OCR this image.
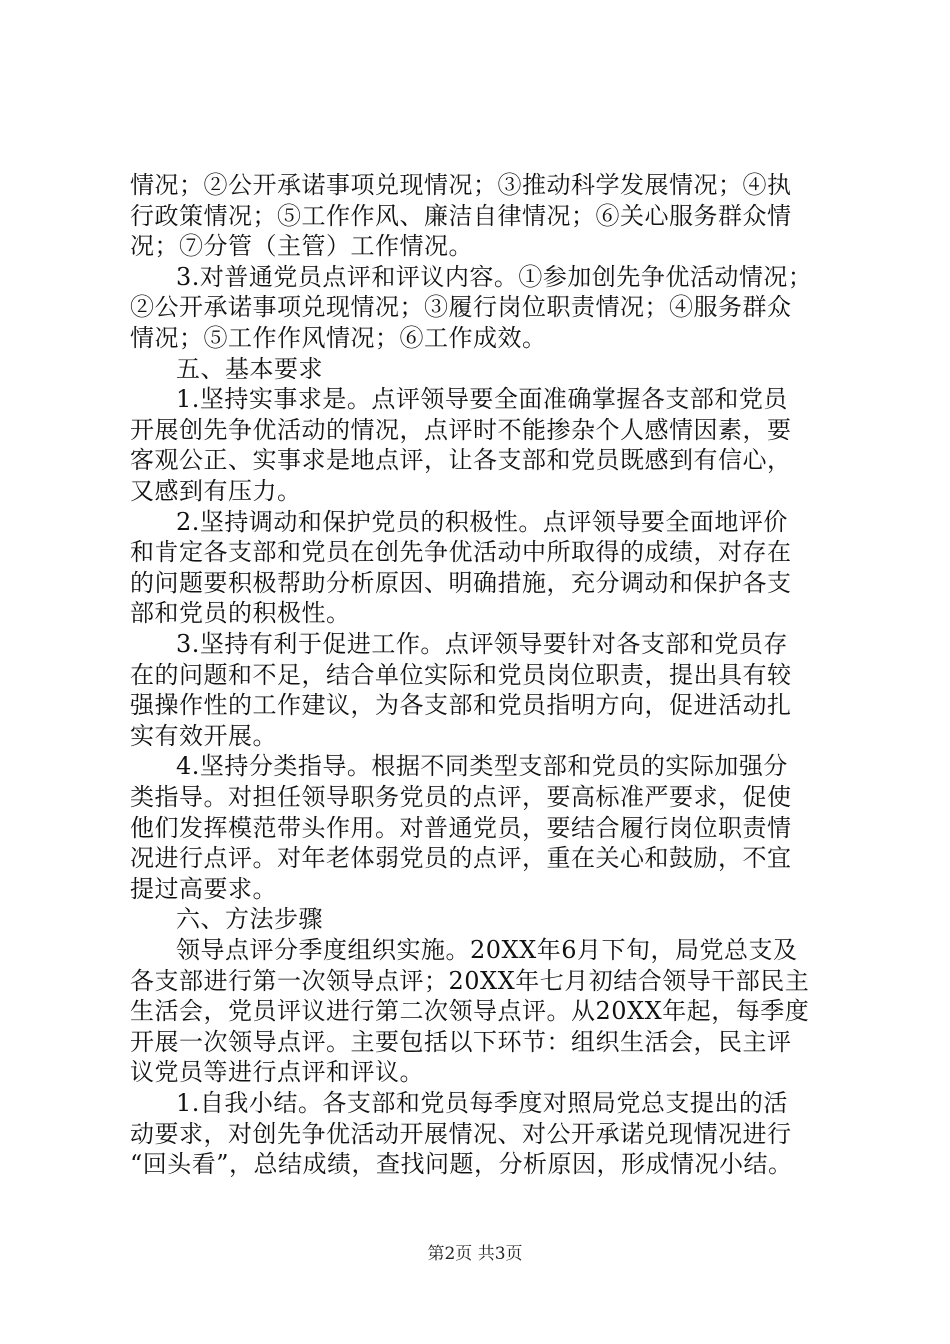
情况；②公开承诺事项兑现情况；③推动科学发展情况；④执
行政策情况；⑤工作作风、廉洁自律情况；⑥关心服务群众情
况；⑦分管（主管）工作情况。
3.对普通党员点评和评议内容。①参加创先争优活动情况；
②公开承诺事项兑现情况；③履行岗位职责情况；④服务群众
情况；⑤工作作风情况；⑥工作成效。
五、基本要求
1.坚持实事求是。点评领导要全面准确掌握各支部和党员
开展创先争优活动的情况，点评时不能掺杂个人感情因素，要
客观公正、实事求是地点评，让各支部和党员既感到有信心，
又感到有压力。
2.坚持调动和保护党员的积极性。点评领导要全面地评价
和肯定各支部和党员在创先争优活动中所取得的成绩，对存在
的问题要积极帮助分析原因、明确措施，充分调动和保护各支
部和党员的积极性。
3.坚持有利于促进工作。点评领导要针对各支部和党员存
在的问题和不足，结合单位实际和党员岗位职责，提出具有较
强操作性的工作建议，为各支部和党员指明方向，促进活动扎
实有效开展。
4.坚持分类指导。根据不同类型支部和党员的实际加强分
类指导。对担任领导职务党员的点评，要高标准严要求，促使
他们发挥模范带头作用。对普通党员，要结合履行岗位职责情
况进行点评。对年老体弱党员的点评，重在关心和鼓励，不宜
提过高要求。
六、方法步骤
领导点评分季度组织实施。20XX年6月下旬，局党总支及
各支部进行第一次领导点评；20XX年七月初结合领导干部民主
生活会，党员评议进行第二次领导点评。从20XX年起，每季度
开展一次领导点评。主要包括以下环节：组织生活会，民主评
议党员等进行点评和评议。
1.自我小结。各支部和党员每季度对照局党总支提出的活
动要求，对创先争优活动开展情况、对公开承诺兑现情况进行
“回头看”，总结成绩，查找问题，分析原因，形成情况小结。
第2页 共3页
